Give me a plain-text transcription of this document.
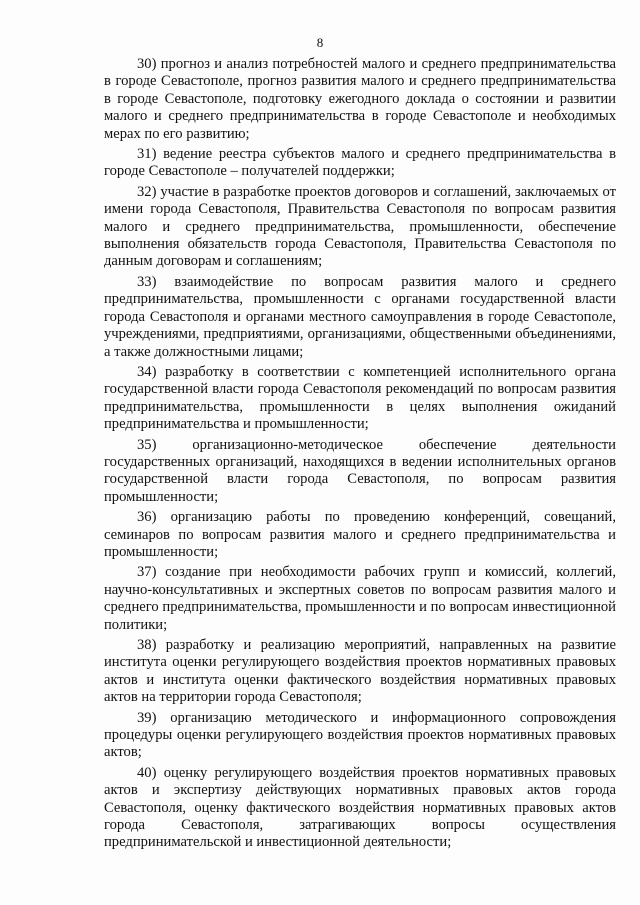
8

30) прогноз и анализ потребностей малого и среднего предпринимательства в городе Севастополе, прогноз развития малого и среднего предпринимательства в городе Севастополе, подготовку ежегодного доклада о состоянии и развитии малого и среднего предпринимательства в городе Севастополе и необходимых мерах по его развитию;

31) ведение реестра субъектов малого и среднего предпринимательства в городе Севастополе – получателей поддержки;

32) участие в разработке проектов договоров и соглашений, заключаемых от имени города Севастополя, Правительства Севастополя по вопросам развития малого и среднего предпринимательства, промышленности, обеспечение выполнения обязательств города Севастополя, Правительства Севастополя по данным договорам и соглашениям;

33) взаимодействие по вопросам развития малого и среднего предпринимательства, промышленности с органами государственной власти города Севастополя и органами местного самоуправления в городе Севастополе, учреждениями, предприятиями, организациями, общественными объединениями, а также должностными лицами;

34) разработку в соответствии с компетенцией исполнительного органа государственной власти города Севастополя рекомендаций по вопросам развития предпринимательства, промышленности в целях выполнения ожиданий предпринимательства и промышленности;

35) организационно-методическое обеспечение деятельности государственных организаций, находящихся в ведении исполнительных органов государственной власти города Севастополя, по вопросам развития промышленности;

36) организацию работы по проведению конференций, совещаний, семинаров по вопросам развития малого и среднего предпринимательства и промышленности;

37) создание при необходимости рабочих групп и комиссий, коллегий, научно-консультативных и экспертных советов по вопросам развития малого и среднего предпринимательства, промышленности и по вопросам инвестиционной политики;

38) разработку и реализацию мероприятий, направленных на развитие института оценки регулирующего воздействия проектов нормативных правовых актов и института оценки фактического воздействия нормативных правовых актов на территории города Севастополя;

39) организацию методического и информационного сопровождения процедуры оценки регулирующего воздействия проектов нормативных правовых актов;

40) оценку регулирующего воздействия проектов нормативных правовых актов и экспертизу действующих нормативных правовых актов города Севастополя, оценку фактического воздействия нормативных правовых актов города Севастополя, затрагивающих вопросы осуществления предпринимательской и инвестиционной деятельности;
